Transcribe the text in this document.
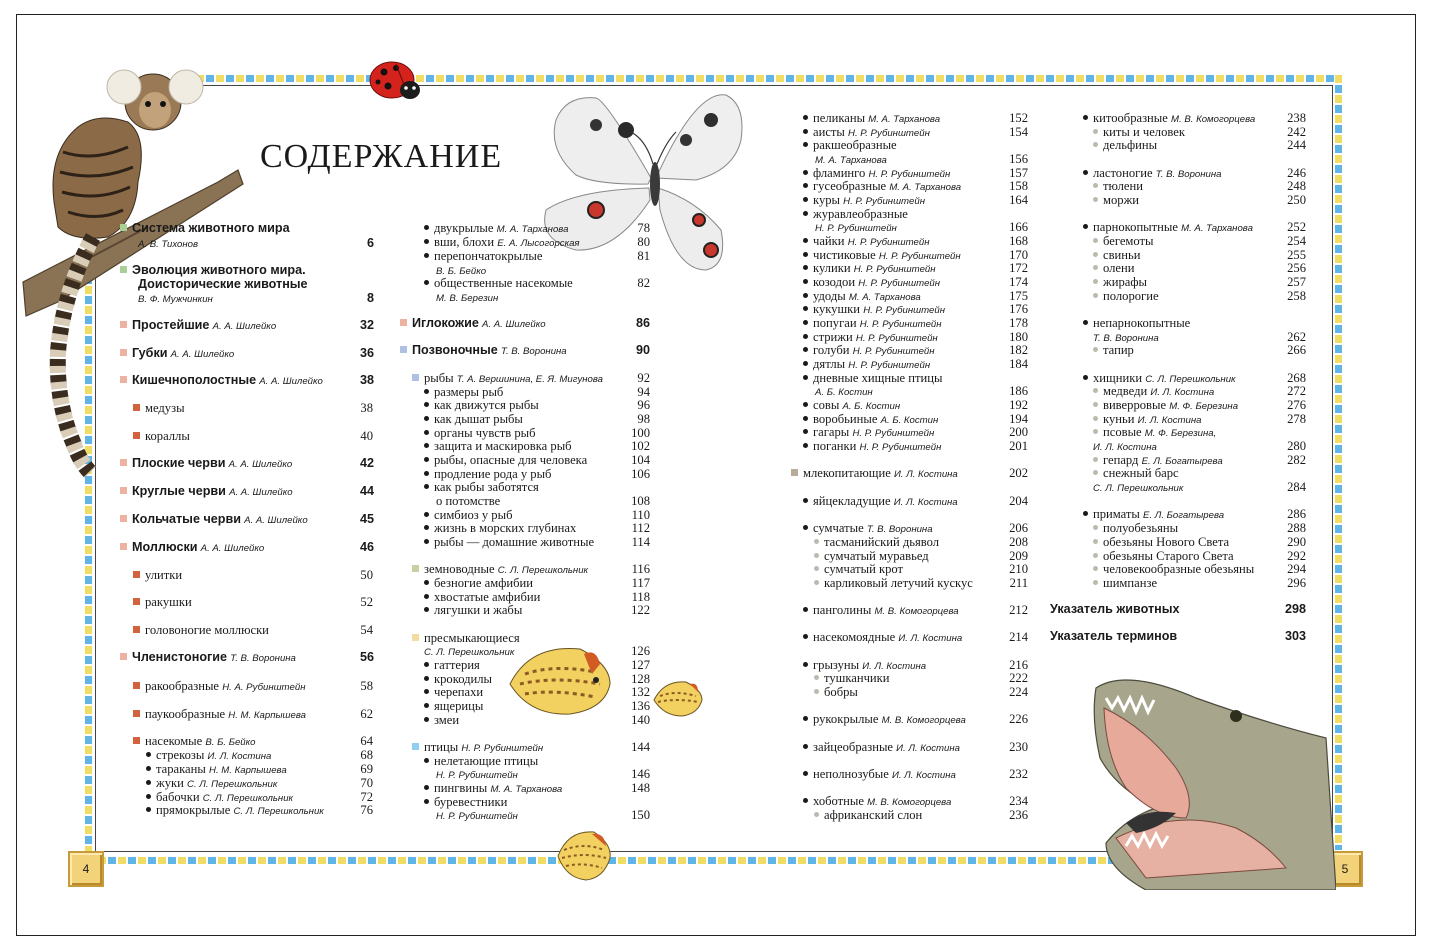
4	5
СОДЕРЖАНИЕ
Система животного мира
А. В. Тихонов	6
Эволюция животного мира.
Доисторические животные
В. Ф. Мужчинкин	8
Простейшие А. А. Шилейко	32
Губки А. А. Шилейко	36
Кишечнополостные А. А. Шилейко	38
медузы	38
кораллы	40
Плоские черви А. А. Шилейко	42
Круглые черви А. А. Шилейко	44
Кольчатые черви А. А. Шилейко	45
Моллюски А. А. Шилейко	46
улитки	50
ракушки	52
головоногие моллюски	54
Членистоногие Т. В. Воронина	56
ракообразные Н. А. Рубинштейн	58
паукообразные Н. М. Карпышева	62
насекомые В. Б. Бейко	64
стрекозы И. Л. Костина	68
тараканы Н. М. Карпышева	69
жуки С. Л. Перешкольник	70
бабочки С. Л. Перешкольник	72
прямокрылые С. Л. Перешкольник	76
двукрылые М. А. Тарханова	78
вши, блохи Е. А. Лысогорская	80
перепончатокрылые	81
В. Б. Бейко
общественные насекомые	82
М. В. Березин
Иглокожие А. А. Шилейко	86
Позвоночные Т. В. Воронина	90
рыбы Т. А. Вершинина, Е. Я. Мигунова	92
размеры рыб	94
как движутся рыбы	96
как дышат рыбы	98
органы чувств рыб	100
защита и маскировка рыб	102
рыбы, опасные для человека	104
продление рода у рыб	106
как рыбы заботятся
о потомстве	108
симбиоз у рыб	110
жизнь в морских глубинах	112
рыбы — домашние животные	114
земноводные С. Л. Перешкольник	116
безногие амфибии	117
хвостатые амфибии	118
лягушки и жабы	122
пресмыкающиеся
С. Л. Перешкольник	126
гаттерия	127
крокодилы	128
черепахи	132
ящерицы	136
змеи	140
птицы Н. Р. Рубинштейн	144
нелетающие птицы
Н. Р. Рубинштейн	146
пингвины М. А. Тарханова	148
буревестники
Н. Р. Рубинштейн	150
пеликаны М. А. Тарханова	152
аисты Н. Р. Рубинштейн	154
ракшеобразные
М. А. Тарханова	156
фламинго Н. Р. Рубинштейн	157
гусеобразные М. А. Тарханова	158
куры Н. Р. Рубинштейн	164
журавлеобразные
Н. Р. Рубинштейн	166
чайки Н. Р. Рубинштейн	168
чистиковые Н. Р. Рубинштейн	170
кулики Н. Р. Рубинштейн	172
козодои Н. Р. Рубинштейн	174
удоды М. А. Тарханова	175
кукушки Н. Р. Рубинштейн	176
попугаи Н. Р. Рубинштейн	178
стрижи Н. Р. Рубинштейн	180
голуби Н. Р. Рубинштейн	182
дятлы Н. Р. Рубинштейн	184
дневные хищные птицы
А. Б. Костин	186
совы А. Б. Костин	192
воробьиные А. Б. Костин	194
гагары Н. Р. Рубинштейн	200
поганки Н. Р. Рубинштейн	201
млекопитающие И. Л. Костина	202
яйцекладущие И. Л. Костина	204
сумчатые Т. В. Воронина	206
тасманийский дьявол	208
сумчатый муравьед	209
сумчатый крот	210
карликовый летучий кускус	211
панголины М. В. Комогорцева	212
насекомоядные И. Л. Костина	214
грызуны И. Л. Костина	216
тушканчики	222
бобры	224
рукокрылые М. В. Комогорцева	226
зайцеобразные И. Л. Костина	230
неполнозубые И. Л. Костина	232
хоботные М. В. Комогорцева	234
африканский слон	236
китообразные М. В. Комогорцева	238
киты и человек	242
дельфины	244
ластоногие Т. В. Воронина	246
тюлени	248
моржи	250
парнокопытные М. А. Тарханова	252
бегемоты	254
свиньи	255
олени	256
жирафы	257
полорогие	258
непарнокопытные
Т. В. Воронина	262
тапир	266
хищники С. Л. Перешкольник	268
медведи И. Л. Костина	272
виверровые М. Ф. Березина	276
куньи И. Л. Костина	278
псовые М. Ф. Березина,
И. Л. Костина	280
гепард Е. Л. Богатырева	282
снежный барс
С. Л. Перешкольник	284
приматы Е. Л. Богатырева	286
полуобезьяны	288
обезьяны Нового Света	290
обезьяны Старого Света	292
человекообразные обезьяны	294
шимпанзе	296
Указатель животных	298
Указатель терминов	303
